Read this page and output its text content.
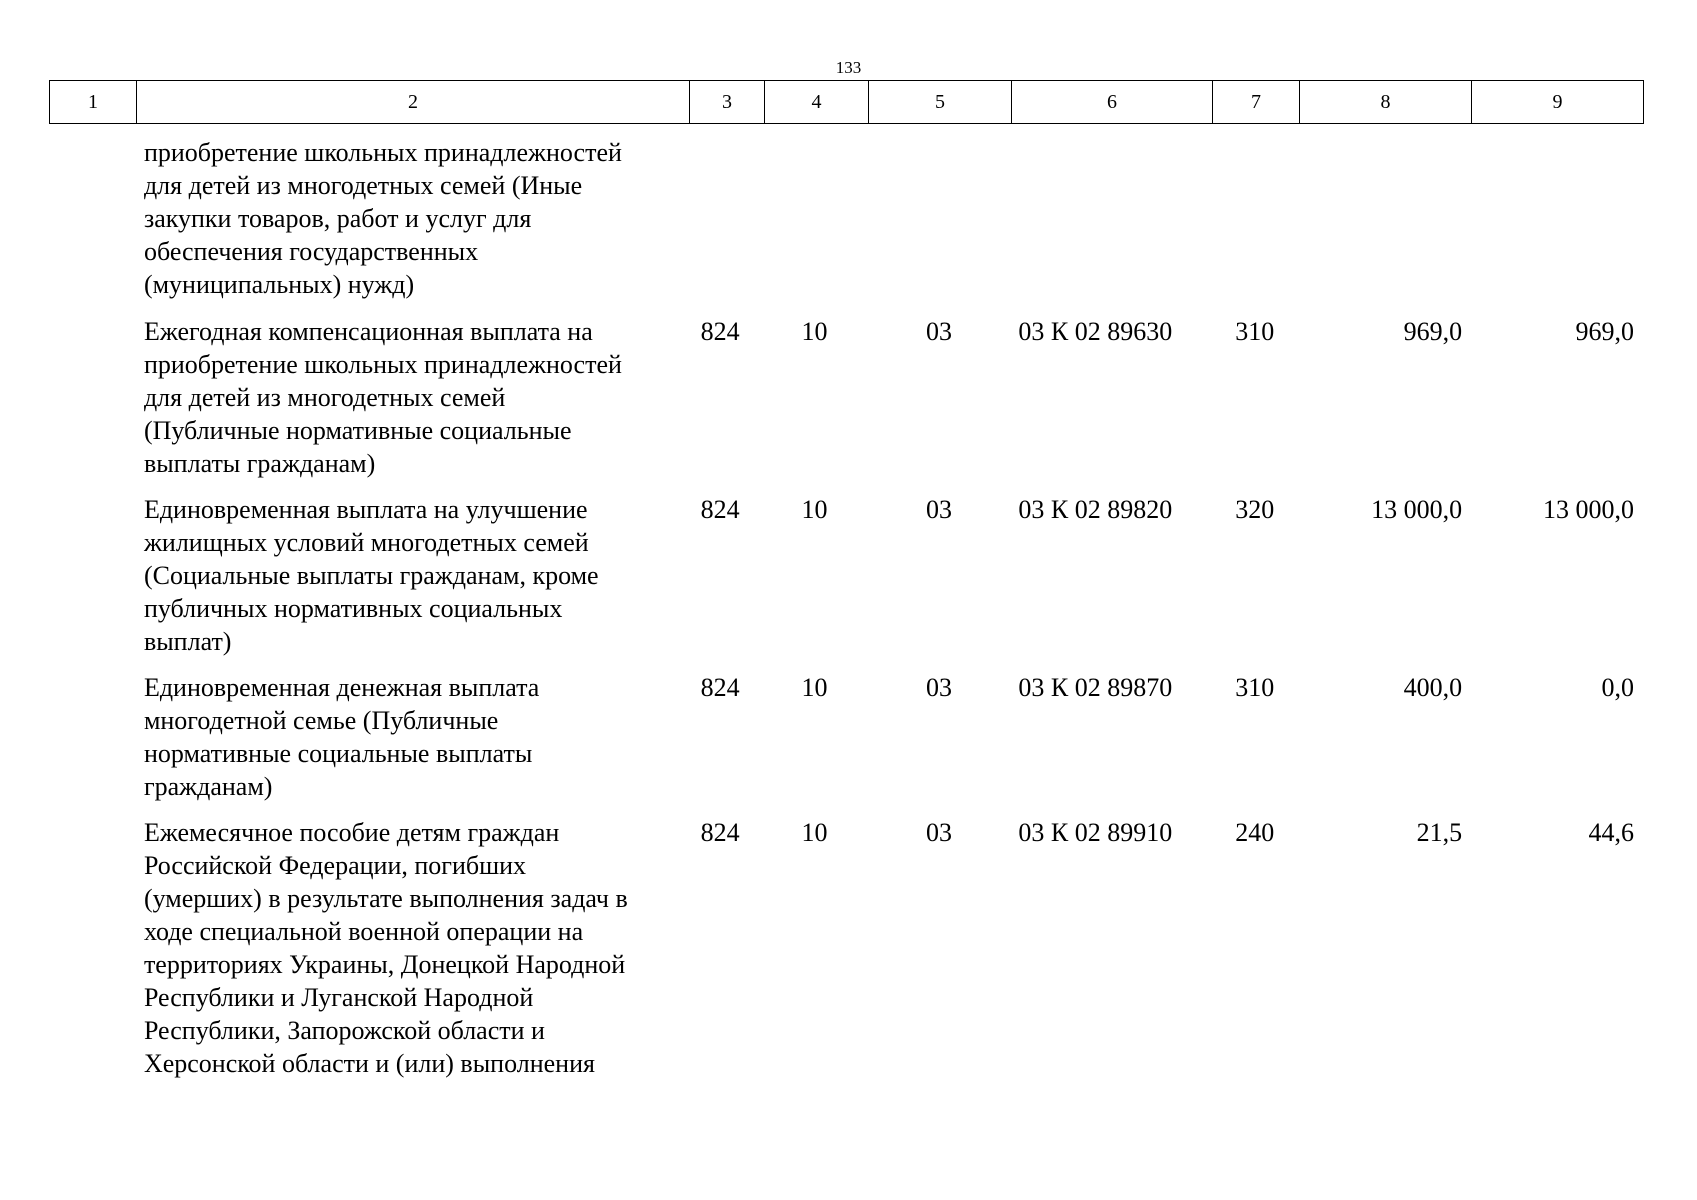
133
1	2	3	4	5	6	7	8	9
приобретение школьных принадлежностей
для детей из многодетных семей (Иные
закупки товаров, работ и услуг для
обеспечения государственных
(муниципальных) нужд)
Ежегодная компенсационная выплата на
приобретение школьных принадлежностей
для детей из многодетных семей
(Публичные нормативные социальные
выплаты гражданам)
824	10	03	03 К 02 89630	310	969,0	969,0
Единовременная выплата на улучшение
жилищных условий многодетных семей
(Социальные выплаты гражданам, кроме
публичных нормативных социальных
выплат)
824	10	03	03 К 02 89820	320	13 000,0	13 000,0
Единовременная денежная выплата
многодетной семье (Публичные
нормативные социальные выплаты
гражданам)
824	10	03	03 К 02 89870	310	400,0	0,0
Ежемесячное пособие детям граждан
Российской Федерации, погибших
(умерших) в результате выполнения задач в
ходе специальной военной операции на
территориях Украины, Донецкой Народной
Республики и Луганской Народной
Республики, Запорожской области и
Херсонской области и (или) выполнения
824	10	03	03 К 02 89910	240	21,5	44,6
